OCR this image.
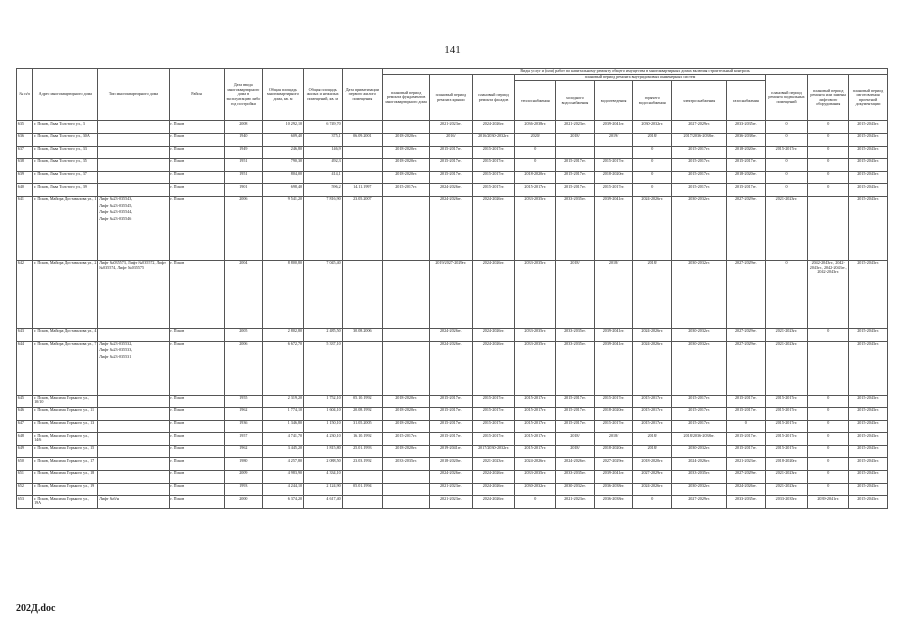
141
№ п/п	Адрес многоквартирного дома	Тип многоквартирного дома	Район	Дата ввода многоквартирного дома в эксплуатацию либо год постройки	Общая площадь многоквартирного дома, кв. м	Общая площадь жилых и нежилых помещений, кв. м	Дата приватизации первого жилого помещения	Виды услуг и (или) работ по капитальному ремонту общего имущества в многоквартирных домах включая строительный контроль											
								плановый период ремонта фундаментов многоквартирного дома	плановый период ремонта крыши	плановый период ремонта фасадов	плановый период ремонта внутридомовых инженерных систем						плановый период ремонта подвальных помещений	плановый период ремонта или замены лифтового оборудования	плановый период изготовления проектной документации
											теплоснабжения	холодного водоснабжения	водоотведения	горячего водоснабжения	электроснабжения	газоснабжения			
635	г. Псков, Льва Толстого ул., 3		г. Псков	2008	10 292,10	6 749,70			2021-2023гг.	2024-2026гг.	2036-2038гг.	2021-2023гг.	2039-2041гг.	2030-2032гг.	2027-2029гг.	2033-2035гг.	0	0	2015-2043гг.
636	г. Псков, Льва Толстого ул., 30А		г. Псков	1940	609,40	375,1	06.09.2001	2018-2020гг.	2016/	2016/2030-2032гг.	2020/	2018/	2019/	2018/	2017/2036-2038гг.	2036-2038гг.	0	0	2015-2043гг.
637	г. Псков, Льва Толстого ул., 33		г. Псков	1949	246,80	146,9		2018-2020гг.	2015-2017гг.	2015-2017гг.	0			0	2015-2017гг.	2018-2020гг.	2015-2017гг.	0	2015-2043гг.
638	г. Псков, Льва Толстого ул., 35		г. Псков	1951	790,30	492,3		2018-2020гг.	2015-2017гг.	2015-2017гг.	0	2015-2017гг.	2015-2017гг.	0	2015-2017гг.	2015-2017гг.	0	0	2015-2043гг.
639	г. Псков, Льва Толстого ул., 37		г. Псков	1951	804,00	414,1		2018-2020гг.	2015-2017гг.	2015-2017гг.	2018-2020гг.	2015-2017гг.	2018-2020гг.	0	2015-2017гг.	2018-2020гг.	0	0	2015-2043гг.
640	г. Псков, Льва Толстого ул., 39		г. Псков	1901	698,40	596,2	14.11.1997	2015-2017гг.	2024-2026гг.	2015-2017гг.	2015-2017гг.	2015-2017гг.	2015-2017гг.	0	2015-2017гг.	2015-2017гг.	0	0	2015-2043гг.
641	г. Псков, Майора Доставалова ул., 1	Лифт №23-035543,
Лифт №23-035545,
Лифт №23-035544,
Лифт №23-035546	г. Псков	2006	9 541,20	7 816,90	23.05.2007		2024-2026гг.	2024-2026гг.	2033-2035гг.	2033-2035гг.	2039-2041гг.	2024-2026гг.	2030-2032гг.	2027-2029гг.	2021-2023гг.		2015-2043гг.
642	г. Псков, Майора Доставалова ул., 2	Лифт №035573, Лифт №035572, Лифт №035574, Лифт №035575	г. Псков	2004	8 800,80	7 045,40			2019/2027-2029гг.	2024-2026гг.	2033-2035гг.	2018/	2018/	2018/	2030-2032гг.	2027-2029гг.	0	2042-2043гг., 2042-2043гг., 2042-2043гг., 2042-2043гг.	2015-2043гг.
643	г. Псков, Майора Доставалова ул., 4		г. Псков	2005	2 802,80	2 485,50	30.08.2006		2024-2026гг.	2024-2026гг.	2033-2035гг.	2033-2035гг.	2039-2041гг.	2024-2026гг.	2030-2032гг.	2027-2029гг.	2021-2023гг.	0	2015-2043гг.
644	г. Псков, Майора Доставалова ул., 7	Лифт №23-035532,
Лифт №23-035533,
Лифт №23-035531	г. Псков	2006	6 672,70	5 337,10			2024-2026гг.	2024-2026гг.	2033-2035гг.	2033-2035гг.	2039-2041гг.	2024-2026гг.	2030-2032гг.	2027-2029гг.	2021-2023гг.		2015-2043гг.
645	г. Псков, Максима Горького ул., 10/10		г. Псков	1955	2 319,20	1 752,10	05.10.1992	2018-2020гг.	2015-2017гг.	2015-2017гг.	2015-2017гг.	2015-2017гг.	2015-2017гг.	2015-2017гг.	2015-2017гг.	2015-2017гг.	2015-2017гг.	0	2015-2043гг.
646	г. Псков, Максима Горького ул., 11		г. Псков	1962	1 774,10	1 604,10	20.08.1992	2018-2020гг.	2015-2017гг.	2015-2017гг.	2015-2017гг.	2015-2017гг.	2018-2020гг.	2015-2017гг.	2015-2017гг.	2015-2017гг.	2015-2017гг.	0	2015-2043гг.
647	г. Псков, Максима Горького ул., 13		г. Псков	1936	1 346,80	1 150,10	31.05.2005	2018-2020гг.	2015-2017гг.	2015-2017гг.	2015-2017гг.	2015-2017гг.	2015-2017гг.	2015-2017гг.	2015-2017гг.	0	2015-2017гг.	0	2015-2043гг.
648	г. Псков, Максима Горького ул., 14/6		г. Псков	1957	4 741,70	4 230,10	16.10.1992	2015-2017гг.	2015-2017гг.	2015-2017гг.	2015-2017гг.	2018/	2018/	2018/	2018/2036-2038гг.	2015-2017гг.	2015-2017гг.	0	2015-2043гг.
649	г. Псков, Максима Горького ул., 15		г. Псков	1962	3 445,20	1 815,80	25.01.1993	2018-2020гг.	2019-2041гг.	2017/2030-2032гг.	2015-2017гг.	2018/	2018-2020гг.	2018/	2030-2032гг.	2015-2017гг.	2015-2017гг.	0	2015-2043гг.
650	г. Псков, Максима Горького ул., 17		г. Псков	1980	4 257,80	2 088,50	23.03.1992	2033-2035гг.	2018-2020гг.	2021-2023гг.	2024-2026гг.	2024-2026гг.	2027-2029гг.	2018-2020гг.	2024-2026гг.	2021-2023гг.	2018-2020гг.	0	2015-2043гг.
651	г. Псков, Максима Горького ул., 18		г. Псков	2009	4 983,90	4 334,10			2024-2026гг.	2024-2026гг.	2033-2035гг.	2033-2035гг.	2039-2041гг.	2027-2029гг.	2033-2035гг.	2027-2029гг.	2021-2023гг.	0	2015-2043гг.
652	г. Псков, Максима Горького ул., 19		г. Псков	1993	4 244,10	2 124,90	05.01.1994		2021-2023гг.	2024-2026гг.	2030-2032гг.	2030-2032гг.	2036-2038гг.	2024-2026гг.	2030-2032гг.	2024-2026гг.	2021-2023гг.	0	2015-2043гг.
653	г. Псков, Максима Горького ул., 19А	Лифт №б/н	г. Псков	2000	6 374,20	4 617,40			2021-2023гг.	2024-2026гг.	0	2021-2023гг.	2036-2038гг.	0	2027-2029гг.	2033-2035гг.	2033-2035гг.	2039-2041гг.	2015-2043гг.
202Д.doc
